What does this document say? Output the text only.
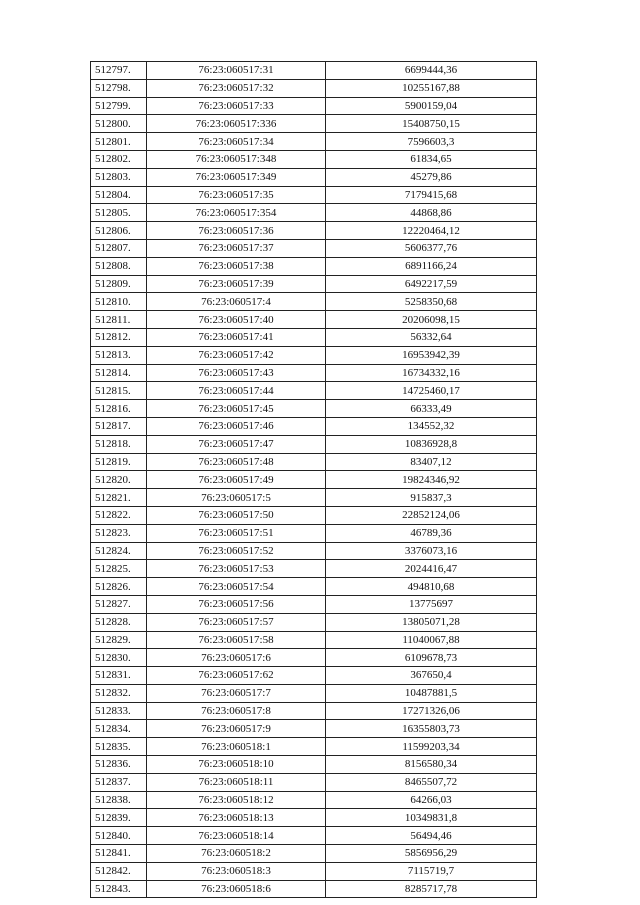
512797.	76:23:060517:31	6699444,36
512798.	76:23:060517:32	10255167,88
512799.	76:23:060517:33	5900159,04
512800.	76:23:060517:336	15408750,15
512801.	76:23:060517:34	7596603,3
512802.	76:23:060517:348	61834,65
512803.	76:23:060517:349	45279,86
512804.	76:23:060517:35	7179415,68
512805.	76:23:060517:354	44868,86
512806.	76:23:060517:36	12220464,12
512807.	76:23:060517:37	5606377,76
512808.	76:23:060517:38	6891166,24
512809.	76:23:060517:39	6492217,59
512810.	76:23:060517:4	5258350,68
512811.	76:23:060517:40	20206098,15
512812.	76:23:060517:41	56332,64
512813.	76:23:060517:42	16953942,39
512814.	76:23:060517:43	16734332,16
512815.	76:23:060517:44	14725460,17
512816.	76:23:060517:45	66333,49
512817.	76:23:060517:46	134552,32
512818.	76:23:060517:47	10836928,8
512819.	76:23:060517:48	83407,12
512820.	76:23:060517:49	19824346,92
512821.	76:23:060517:5	915837,3
512822.	76:23:060517:50	22852124,06
512823.	76:23:060517:51	46789,36
512824.	76:23:060517:52	3376073,16
512825.	76:23:060517:53	2024416,47
512826.	76:23:060517:54	494810,68
512827.	76:23:060517:56	13775697
512828.	76:23:060517:57	13805071,28
512829.	76:23:060517:58	11040067,88
512830.	76:23:060517:6	6109678,73
512831.	76:23:060517:62	367650,4
512832.	76:23:060517:7	10487881,5
512833.	76:23:060517:8	17271326,06
512834.	76:23:060517:9	16355803,73
512835.	76:23:060518:1	11599203,34
512836.	76:23:060518:10	8156580,34
512837.	76:23:060518:11	8465507,72
512838.	76:23:060518:12	64266,03
512839.	76:23:060518:13	10349831,8
512840.	76:23:060518:14	56494,46
512841.	76:23:060518:2	5856956,29
512842.	76:23:060518:3	7115719,7
512843.	76:23:060518:6	8285717,78
